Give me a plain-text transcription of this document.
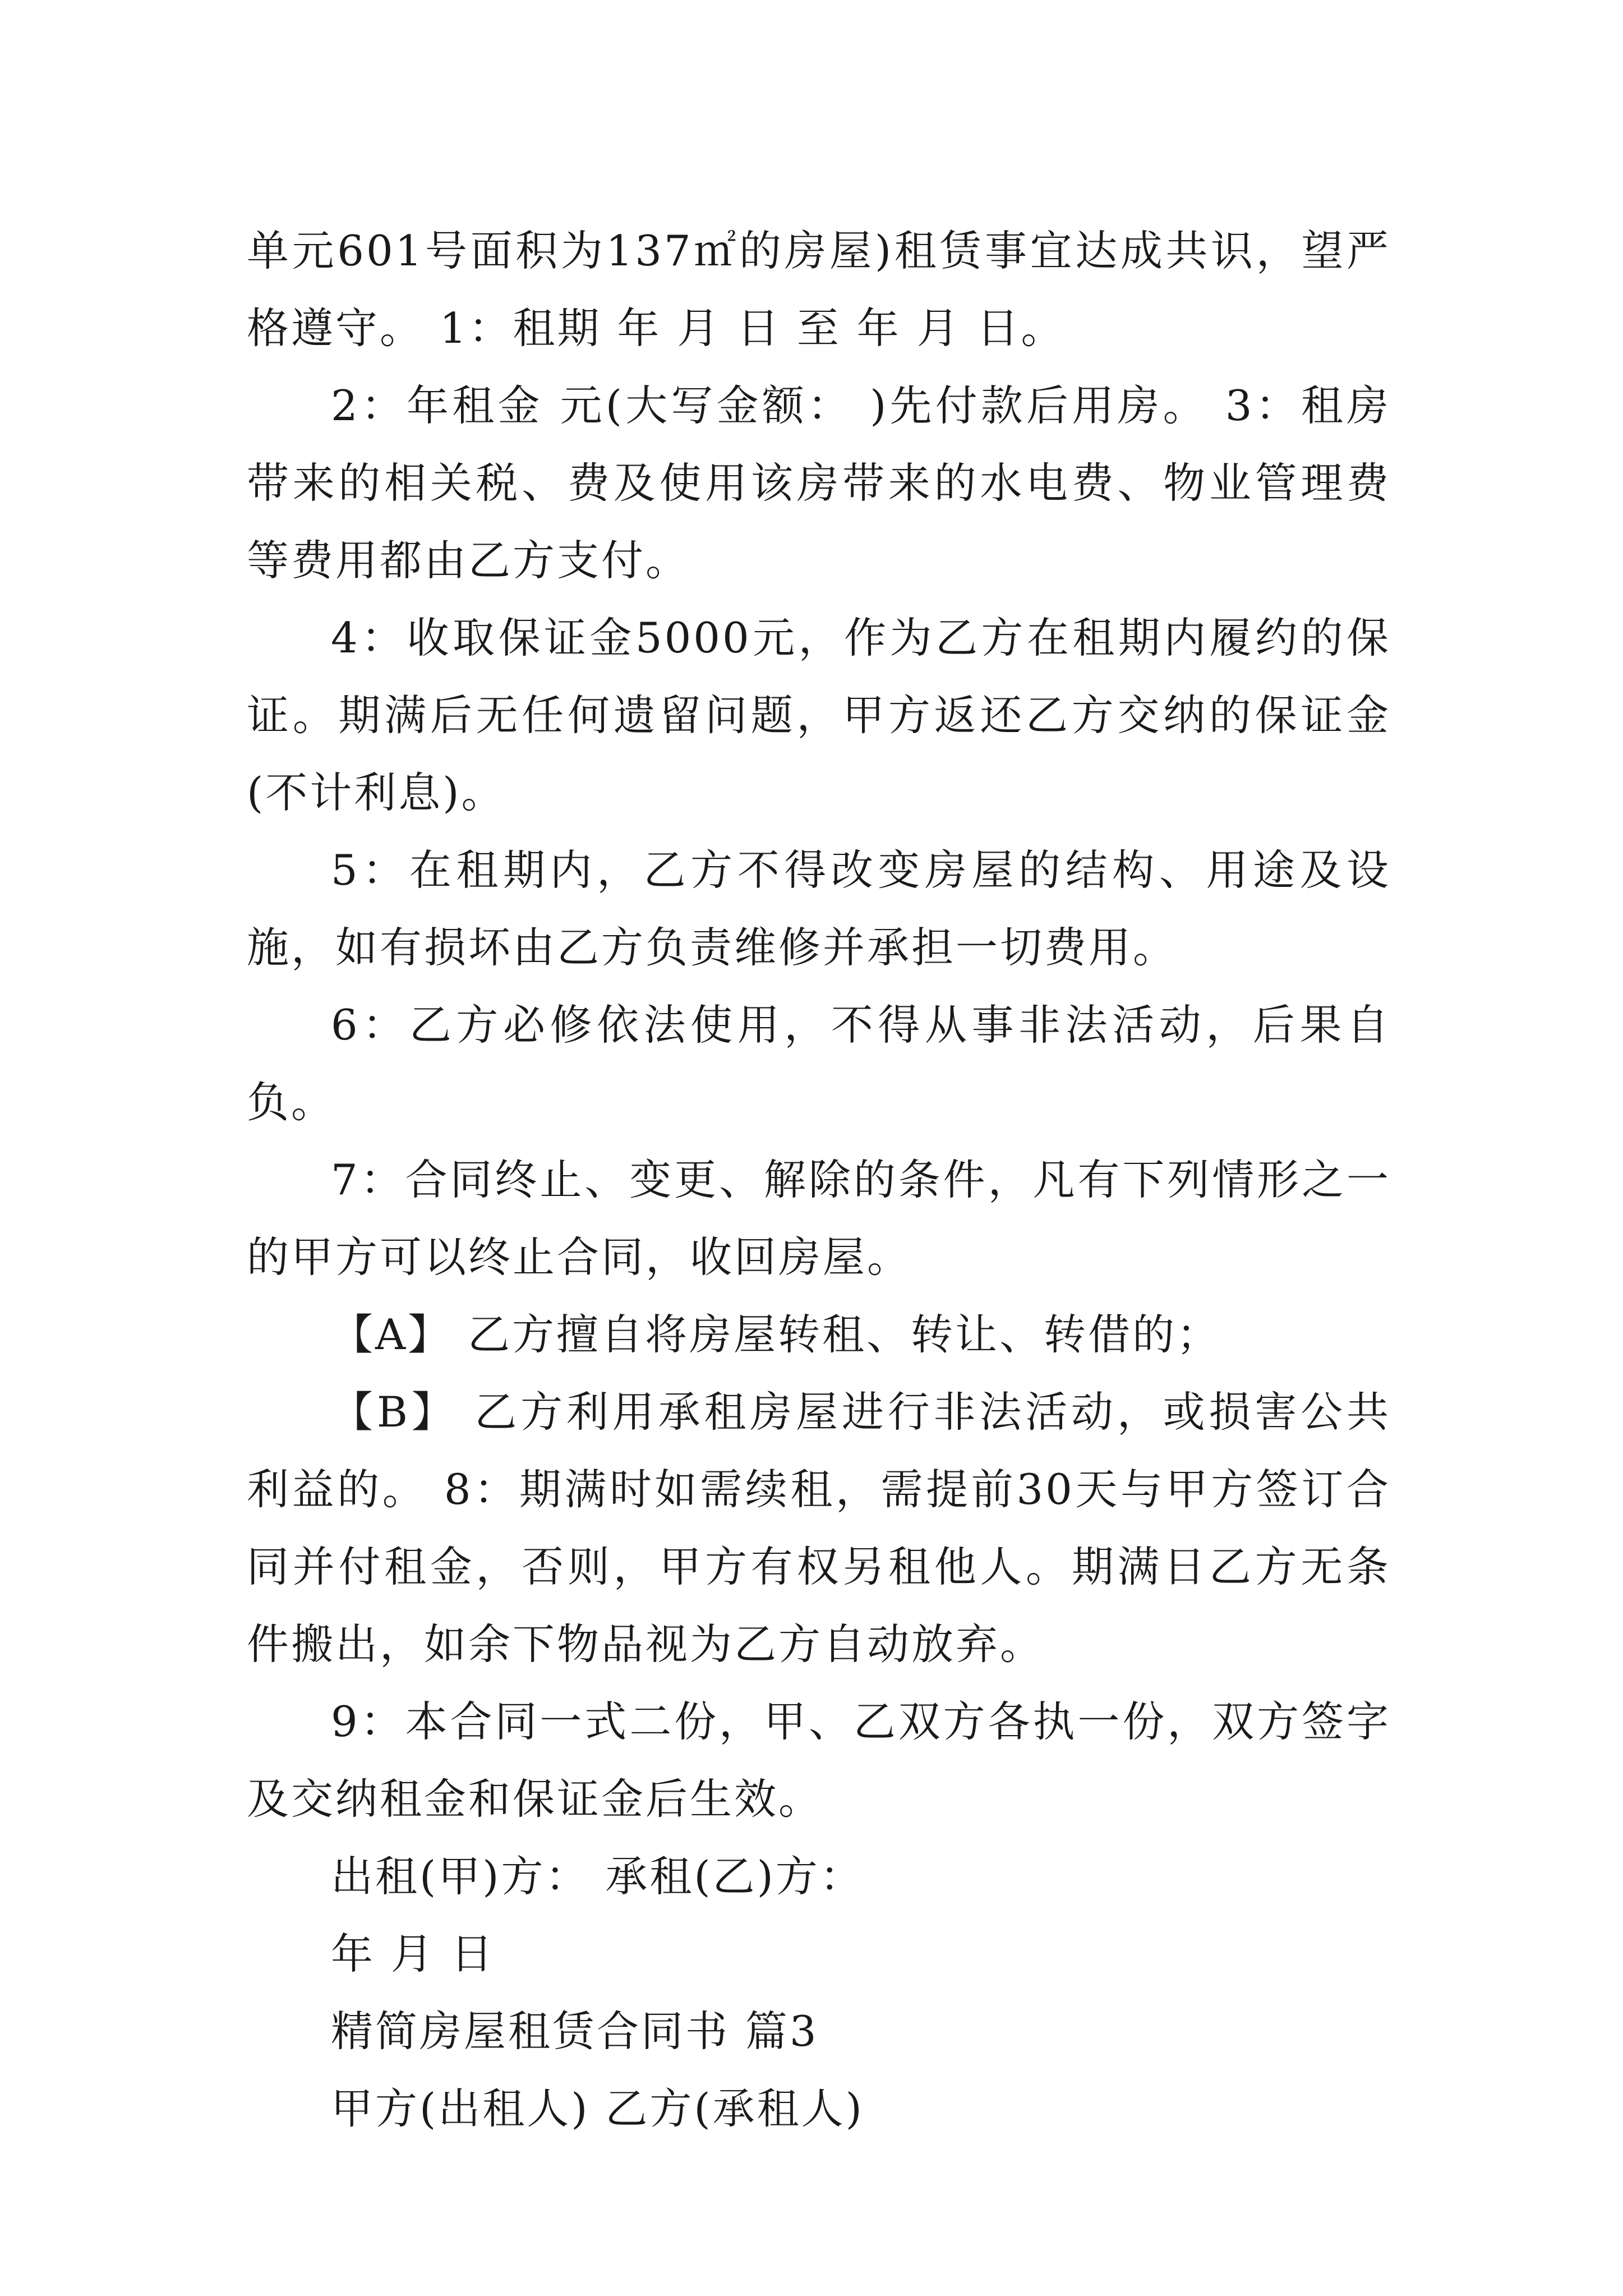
单元601号面积为137㎡的房屋)租赁事宜达成共识，望严格遵守。 1：租期 年 月 日 至 年 月 日。

2：年租金 元(大写金额： )先付款后用房。 3：租房带来的相关税、费及使用该房带来的水电费、物业管理费等费用都由乙方支付。

4：收取保证金5000元，作为乙方在租期内履约的保证。期满后无任何遗留问题，甲方返还乙方交纳的保证金(不计利息)。

5：在租期内，乙方不得改变房屋的结构、用途及设施，如有损坏由乙方负责维修并承担一切费用。

6：乙方必修依法使用，不得从事非法活动，后果自负。

7：合同终止、变更、解除的条件，凡有下列情形之一的甲方可以终止合同，收回房屋。

【A】 乙方擅自将房屋转租、转让、转借的；

【B】 乙方利用承租房屋进行非法活动，或损害公共利益的。 8：期满时如需续租，需提前30天与甲方签订合同并付租金，否则，甲方有权另租他人。期满日乙方无条件搬出，如余下物品视为乙方自动放弃。

9：本合同一式二份，甲、乙双方各执一份，双方签字及交纳租金和保证金后生效。

出租(甲)方： 承租(乙)方：

年 月 日

精简房屋租赁合同书 篇3

甲方(出租人) 乙方(承租人)
